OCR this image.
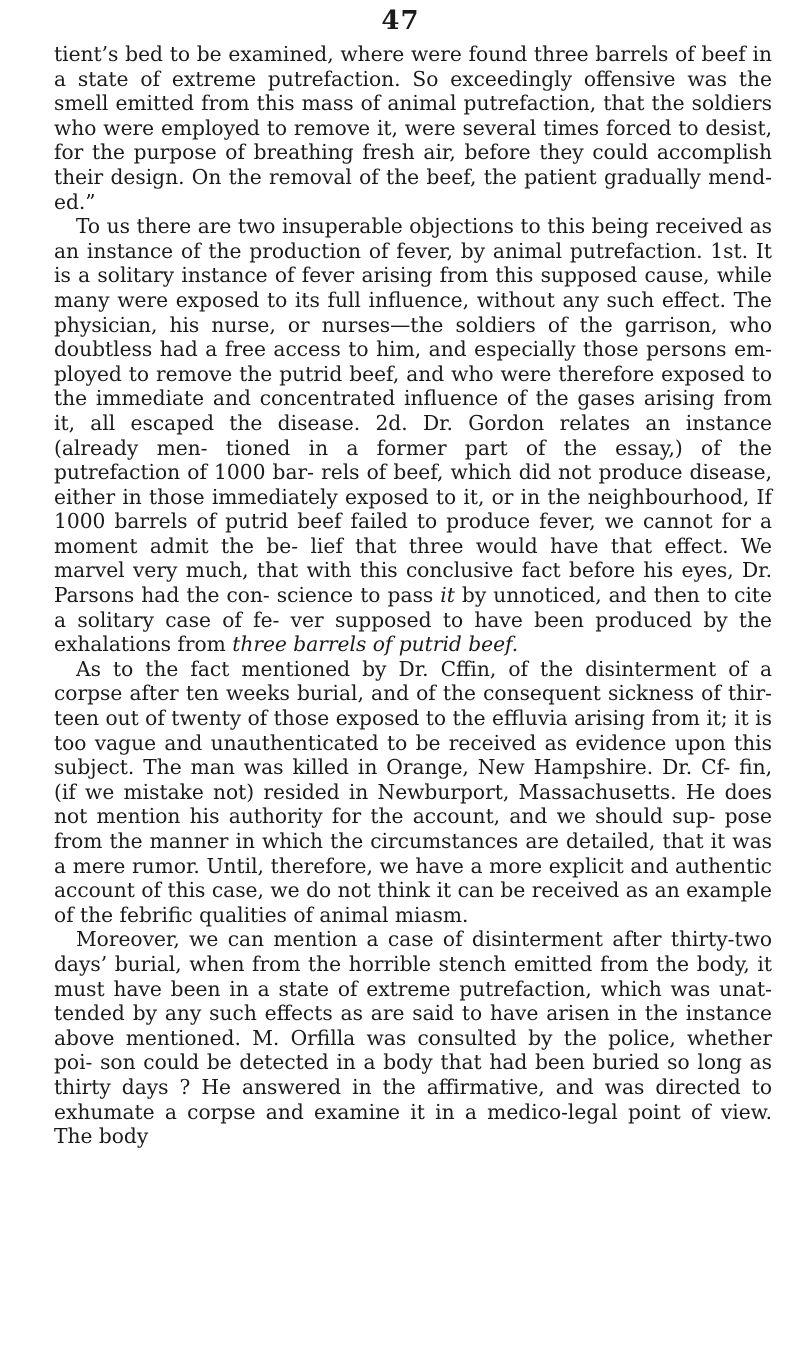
47

tient’s bed to be examined, where were found three barrels of beef in a state of extreme putrefaction. So exceedingly offensive was the smell emitted from this mass of animal putrefaction, that the soldiers who were employed to remove it, were several times forced to desist, for the purpose of breathing fresh air, before they could accomplish their design. On the removal of the beef, the patient gradually mend- ed.”

To us there are two insuperable objections to this being received as an instance of the production of fever, by animal putrefaction. 1st. It is a solitary instance of fever arising from this supposed cause, while many were exposed to its full influence, without any such effect. The physician, his nurse, or nurses—the soldiers of the garrison, who doubtless had a free access to him, and especially those persons em- ployed to remove the putrid beef, and who were therefore exposed to the immediate and concentrated influence of the gases arising from it, all escaped the disease. 2d. Dr. Gordon relates an instance (already men- tioned in a former part of the essay,) of the putrefaction of 1000 bar- rels of beef, which did not produce disease, either in those immediately exposed to it, or in the neighbourhood, If 1000 barrels of putrid beef failed to produce fever, we cannot for a moment admit the be- lief that three would have that effect. We marvel very much, that with this conclusive fact before his eyes, Dr. Parsons had the con- science to pass it by unnoticed, and then to cite a solitary case of fe- ver supposed to have been produced by the exhalations from three barrels of putrid beef.

As to the fact mentioned by Dr. Cffin, of the disinterment of a corpse after ten weeks burial, and of the consequent sickness of thir- teen out of twenty of those exposed to the effluvia arising from it; it is too vague and unauthenticated to be received as evidence upon this subject. The man was killed in Orange, New Hampshire. Dr. Cf- fin, (if we mistake not) resided in Newburport, Massachusetts. He does not mention his authority for the account, and we should sup- pose from the manner in which the circumstances are detailed, that it was a mere rumor. Until, therefore, we have a more explicit and authentic account of this case, we do not think it can be received as an example of the febrific qualities of animal miasm.

Moreover, we can mention a case of disinterment after thirty-two days’ burial, when from the horrible stench emitted from the body, it must have been in a state of extreme putrefaction, which was unat- tended by any such effects as are said to have arisen in the instance above mentioned. M. Orfilla was consulted by the police, whether poi- son could be detected in a body that had been buried so long as thirty days ? He answered in the affirmative, and was directed to exhumate a corpse and examine it in a medico-legal point of view. The body
